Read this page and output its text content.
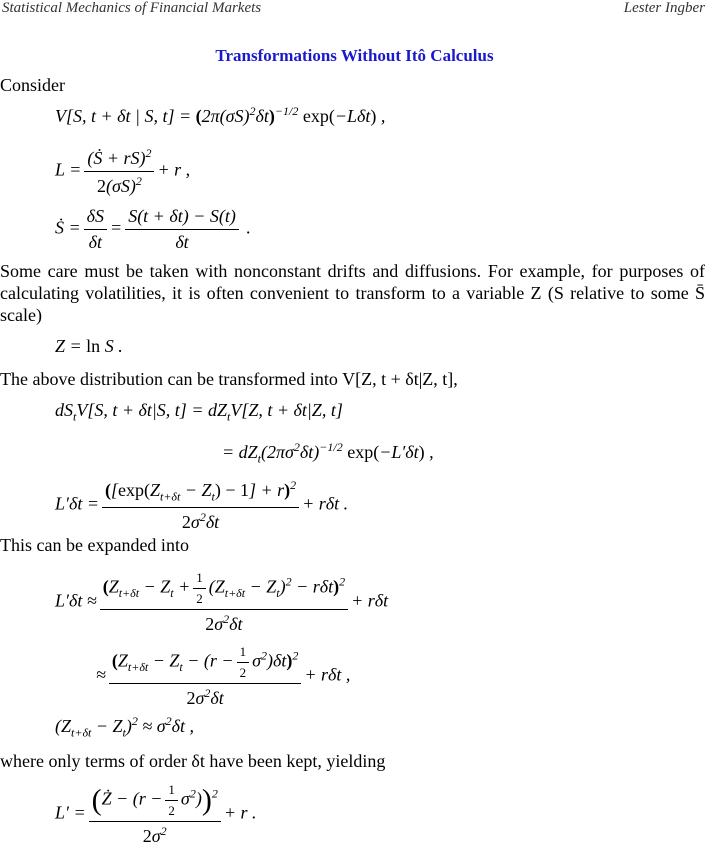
Statistical Mechanics of Financial Markets	Lester Ingber
Transformations Without Itô Calculus
Consider
V[S, t + δt | S, $t] = (2\pi(\sigma S)^2\delta t)^{-1/2}$ exp(−Lδt) ,
$L = \frac{(Ṡ + rS)^2}{2(\sigma S)^2} + r$ ,
Ṡ = $\frac{\delta S}{\delta t} = \frac{S(t + \delta t) - S(t)}{\delta t}$ .
Some care must be taken with nonconstant drifts and diffusions. For example, for purposes of calculating volatilities, it is often convenient to transform to a variable Z (S relative to some S̄ scale)
Z = ln S .
The above distribution can be transformed into V[Z, t + δt|Z, t],
$dS_tV[S$, t + δt|S, $t] = dZ_tV[Z$, t + δt|Z, t]
= $dZ_t(2\pi\sigma^2\delta t)^{-1/2}$ exp(−L′δt) ,
$L'\delta t = \frac{([\exp(Z_{t+\delta t} - Z_t) - 1] + r)^2}{2\sigma^2\delta t} + r\delta t$ .
This can be expanded into
$L'\delta t \approx \frac{(Z_{t+\delta t} - Z_t + \frac{1}{2} (Z_{t+\delta t} - Z_t)^2 - r\delta t)^2}{2\sigma^2\delta t} + r\delta t$
≈ $\frac{(Z_{t+\delta t} - Z_t - (r - \frac{1}{2} \sigma^2)\delta t)^2}{2\sigma^2\delta t} + r\delta t$ ,
$(Z_{t+\delta t} - Z_t)^2 \approx \sigma^2\delta t$ ,
where only terms of order δt have been kept, yielding
$L' = \frac{(Ż - (r - \frac{1}{2} \sigma^2))^2}{2\sigma^2} + r$ .
